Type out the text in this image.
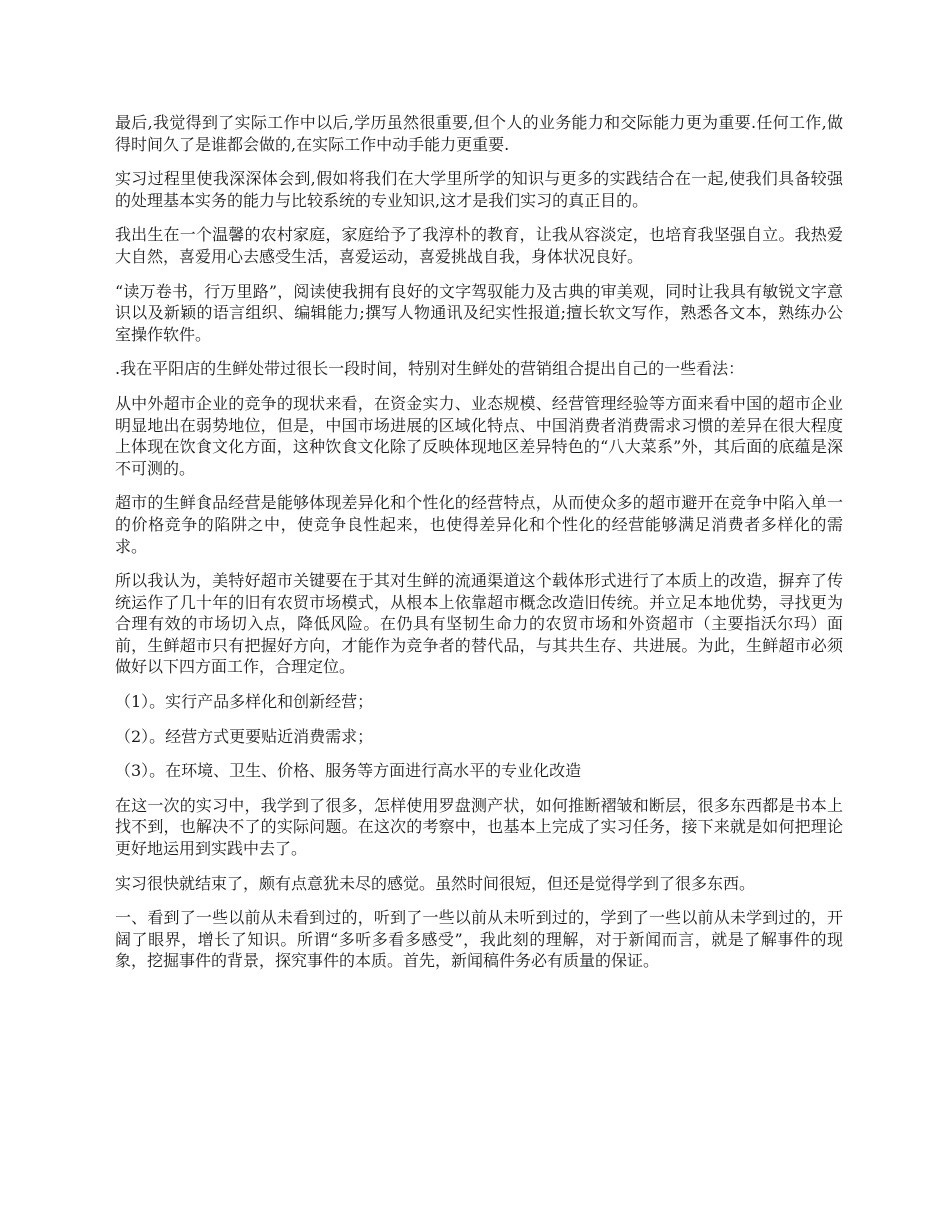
最后,我觉得到了实际工作中以后,学历虽然很重要,但个人的业务能力和交际能力更为重要.任何工作,做得时间久了是谁都会做的,在实际工作中动手能力更重要.

实习过程里使我深深体会到,假如将我们在大学里所学的知识与更多的实践结合在一起,使我们具备较强的处理基本实务的能力与比较系统的专业知识,这才是我们实习的真正目的。

我出生在一个温馨的农村家庭，家庭给予了我淳朴的教育，让我从容淡定，也培育我坚强自立。我热爱大自然，喜爱用心去感受生活，喜爱运动，喜爱挑战自我，身体状况良好。

“读万卷书，行万里路”，阅读使我拥有良好的文字驾驭能力及古典的审美观，同时让我具有敏锐文字意识以及新颖的语言组织、编辑能力;撰写人物通讯及纪实性报道;擅长软文写作，熟悉各文本，熟练办公室操作软件。

.我在平阳店的生鲜处带过很长一段时间，特别对生鲜处的营销组合提出自己的一些看法：

从中外超市企业的竞争的现状来看，在资金实力、业态规模、经营管理经验等方面来看中国的超市企业明显地出在弱势地位，但是，中国市场进展的区域化特点、中国消费者消费需求习惯的差异在很大程度上体现在饮食文化方面，这种饮食文化除了反映体现地区差异特色的“八大菜系”外，其后面的底蕴是深不可测的。

超市的生鲜食品经营是能够体现差异化和个性化的经营特点，从而使众多的超市避开在竞争中陷入单一的价格竞争的陷阱之中，使竞争良性起来，也使得差异化和个性化的经营能够满足消费者多样化的需求。

所以我认为，美特好超市关键要在于其对生鲜的流通渠道这个载体形式进行了本质上的改造，摒弃了传统运作了几十年的旧有农贸市场模式，从根本上依靠超市概念改造旧传统。并立足本地优势，寻找更为合理有效的市场切入点，降低风险。在仍具有坚韧生命力的农贸市场和外资超市（主要指沃尔玛）面前，生鲜超市只有把握好方向，才能作为竞争者的替代品，与其共生存、共进展。为此，生鲜超市必须做好以下四方面工作，合理定位。

（1）。实行产品多样化和创新经营；

（2）。经营方式更要贴近消费需求；

（3）。在环境、卫生、价格、服务等方面进行高水平的专业化改造

在这一次的实习中，我学到了很多，怎样使用罗盘测产状，如何推断褶皱和断层，很多东西都是书本上找不到，也解决不了的实际问题。在这次的考察中，也基本上完成了实习任务，接下来就是如何把理论更好地运用到实践中去了。

实习很快就结束了，颇有点意犹未尽的感觉。虽然时间很短，但还是觉得学到了很多东西。

一、看到了一些以前从未看到过的，听到了一些以前从未听到过的，学到了一些以前从未学到过的，开阔了眼界，增长了知识。所谓“多听多看多感受”，我此刻的理解，对于新闻而言，就是了解事件的现象，挖掘事件的背景，探究事件的本质。首先，新闻稿件务必有质量的保证。
